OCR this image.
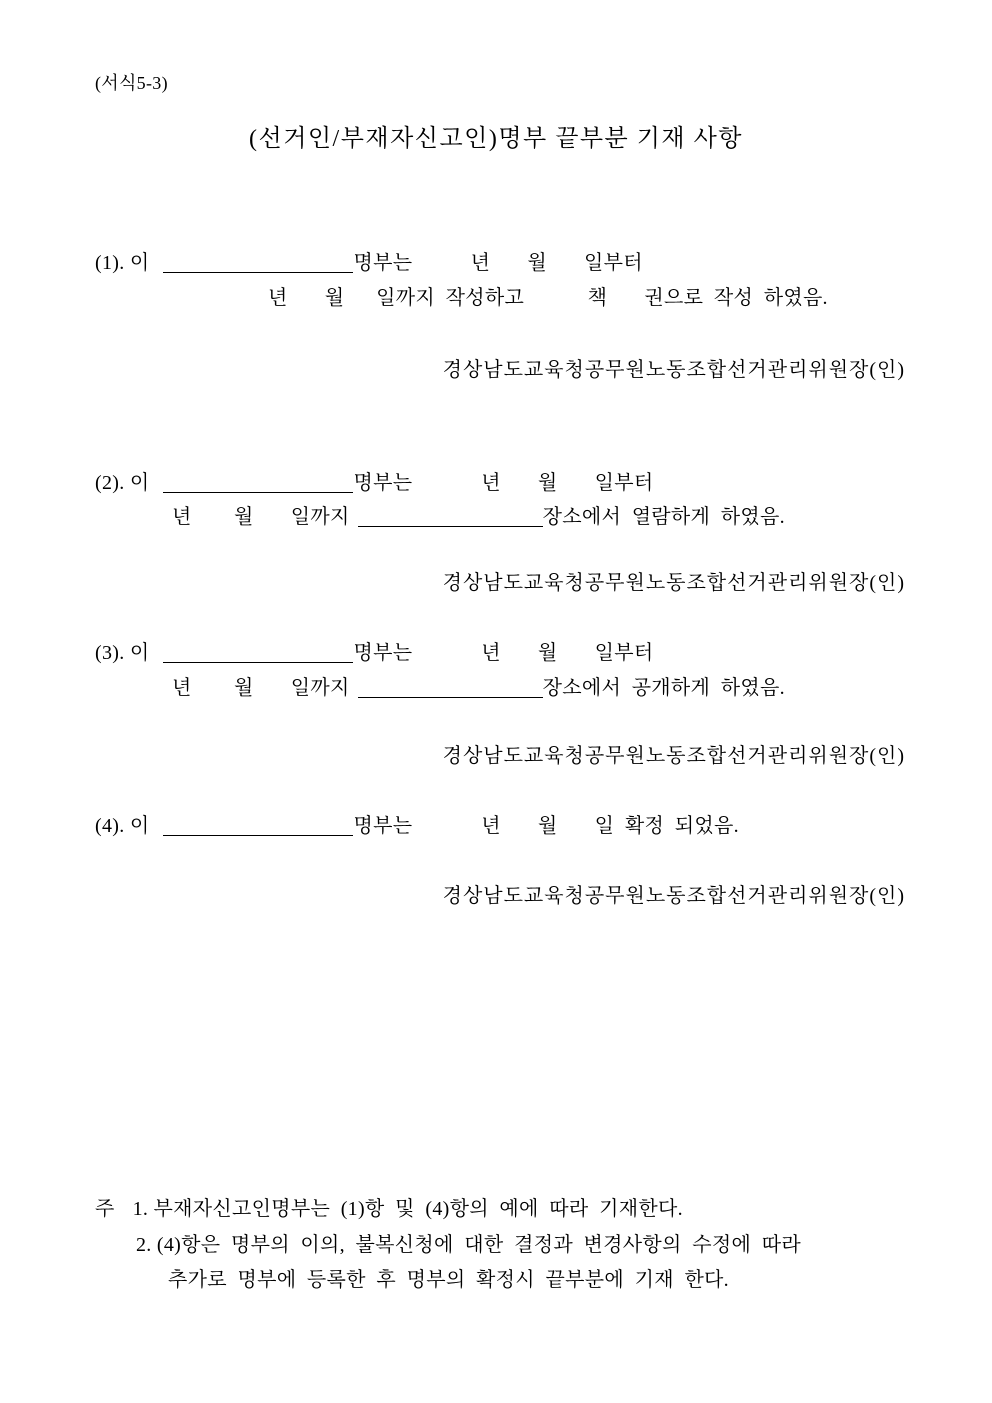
(서식5-3)

(선거인/부재자신고인)명부 끝부분 기재 사항

(1). 이	명부는           년       월       일부터

년       월      일까지  작성하고            책       권으로  작성  하였음.

경상남도교육청공무원노동조합선거관리위원장(인)

(2). 이	명부는             년       월       일부터

년        월       일까지	장소에서  열람하게  하였음.

경상남도교육청공무원노동조합선거관리위원장(인)

(3). 이	명부는             년       월       일부터

년        월       일까지	장소에서  공개하게  하였음.

경상남도교육청공무원노동조합선거관리위원장(인)

(4). 이	명부는             년       월       일  확정  되었음.

경상남도교육청공무원노동조합선거관리위원장(인)

주 1. 부재자신고인명부는  (1)항  및  (4)항의  예에  따라  기재한다.

2. (4)항은  명부의  이의,  불복신청에  대한  결정과  변경사항의  수정에  따라

추가로  명부에  등록한  후  명부의  확정시  끝부분에  기재  한다.
